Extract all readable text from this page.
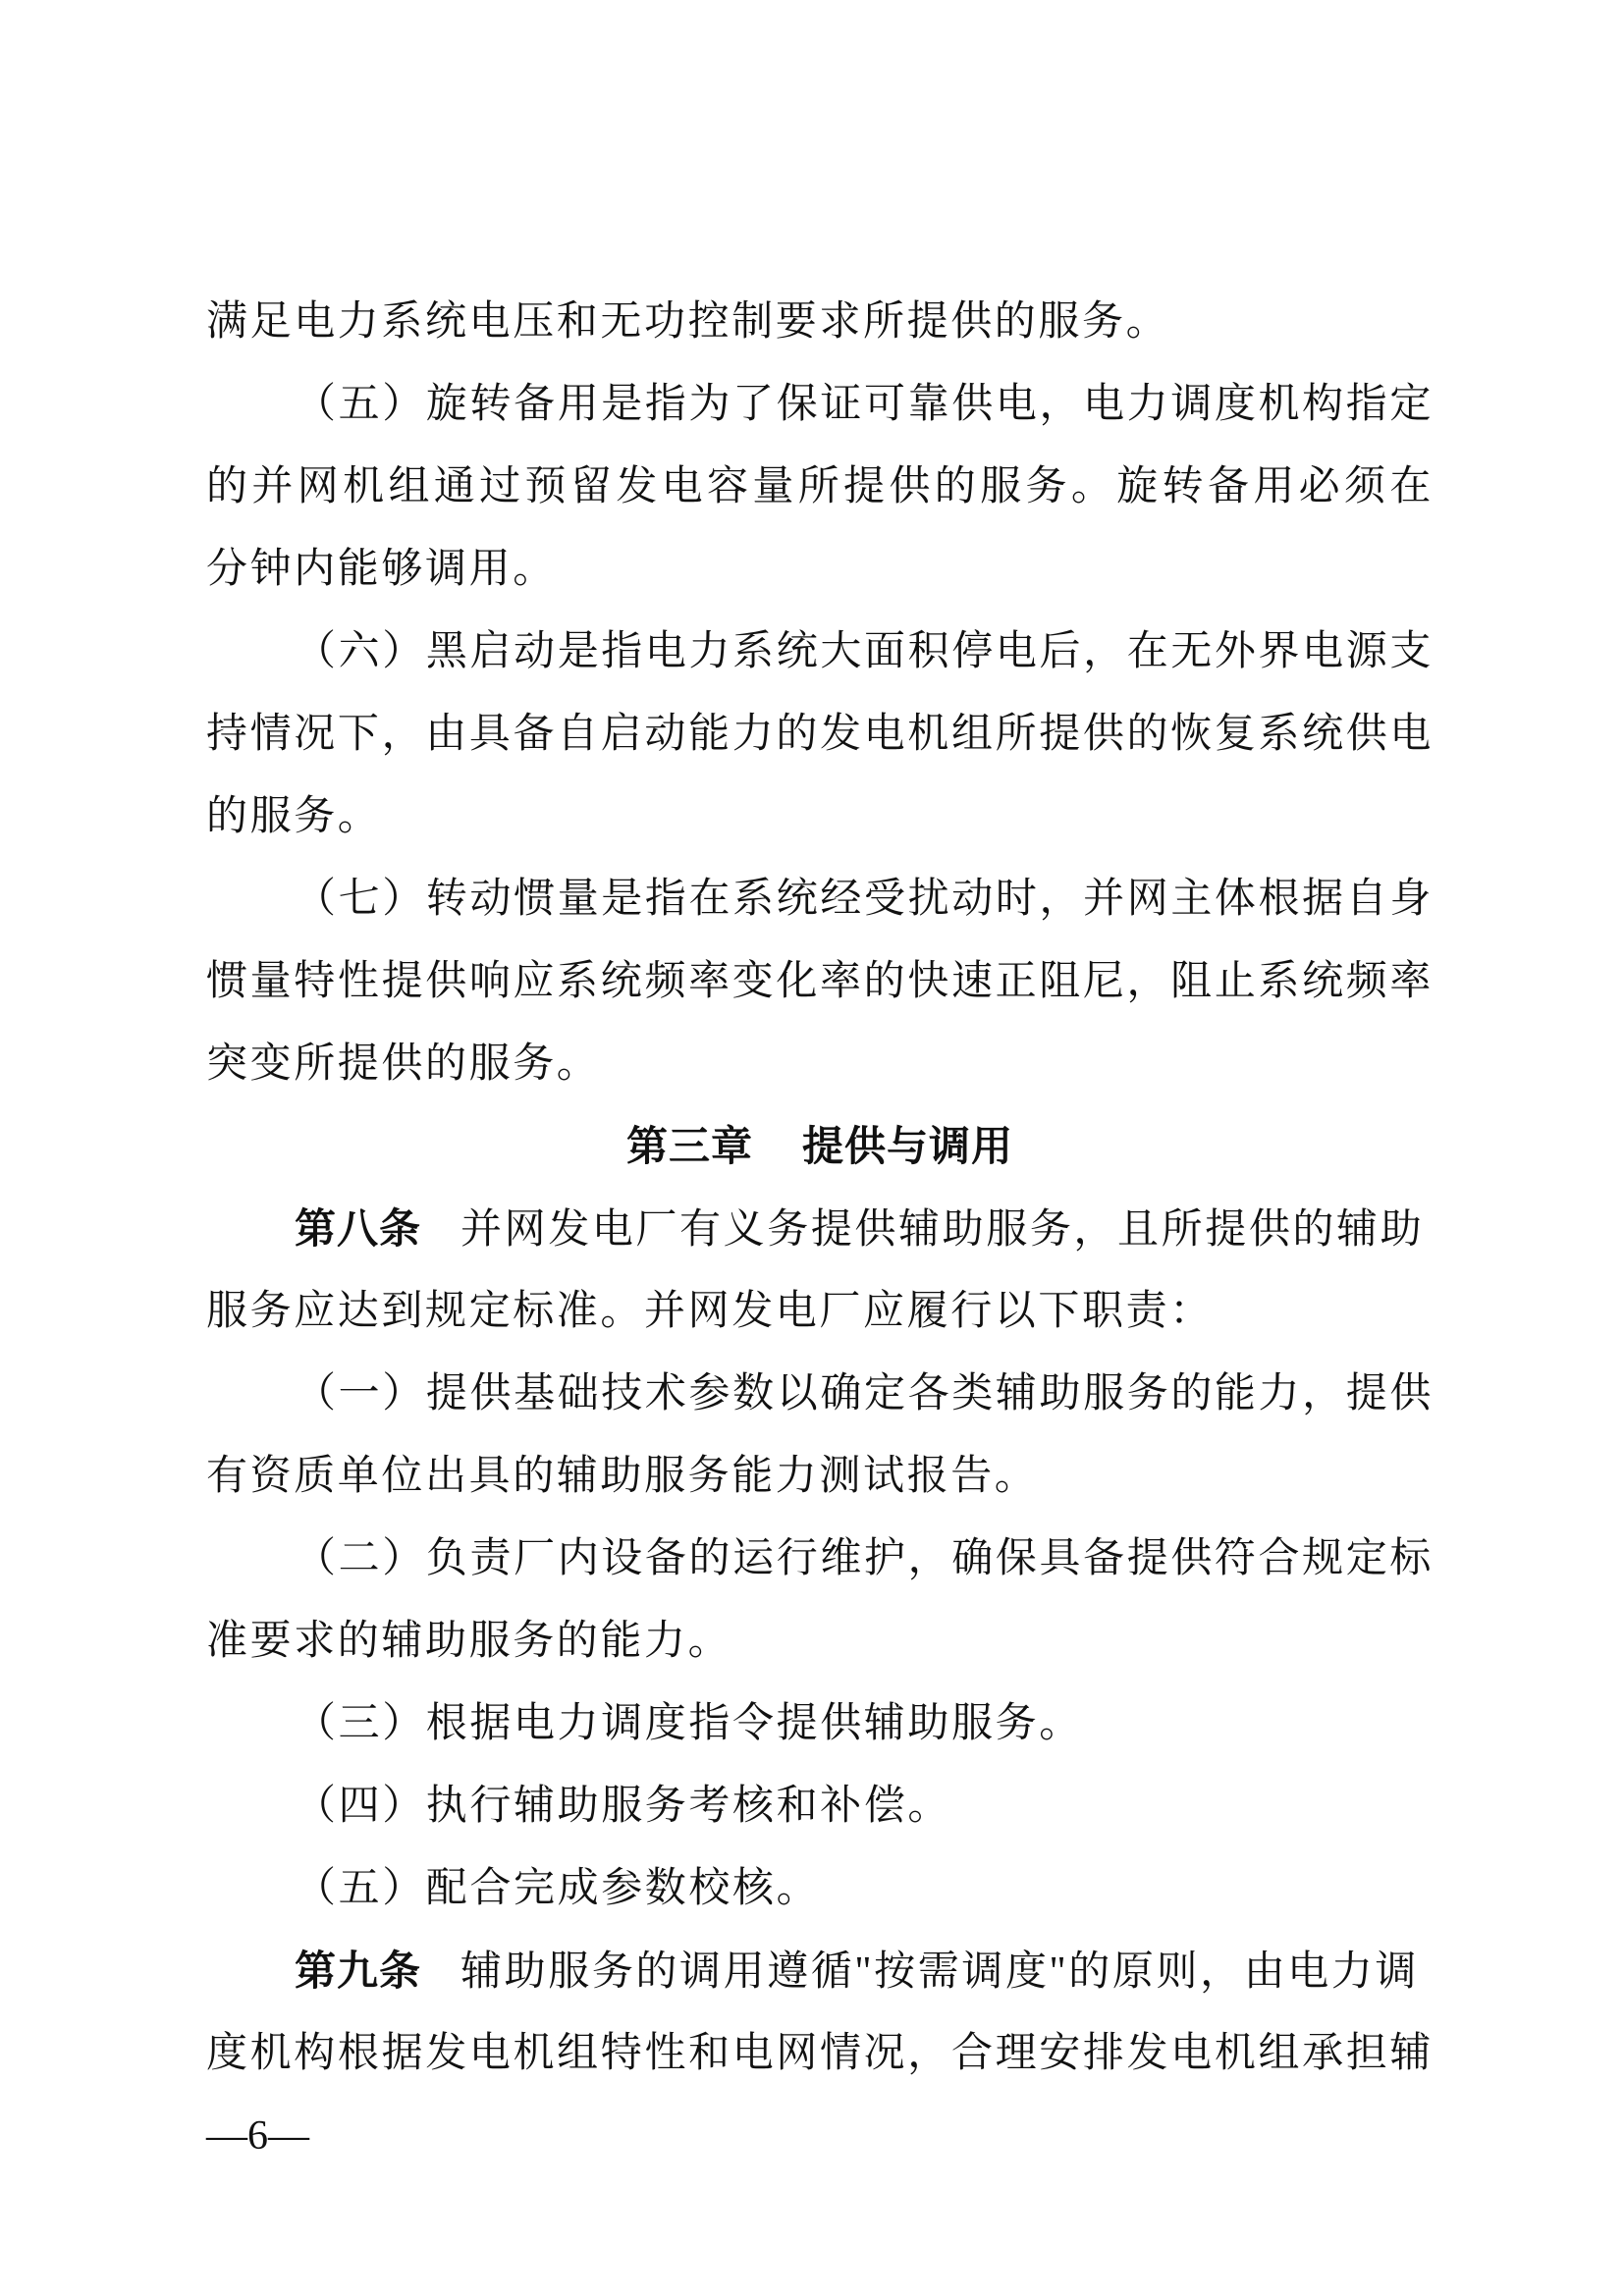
满足电力系统电压和无功控制要求所提供的服务。
（五）旋转备用是指为了保证可靠供电，电力调度机构指定
的并网机组通过预留发电容量所提供的服务。旋转备用必须在
分钟内能够调用。
（六）黑启动是指电力系统大面积停电后，在无外界电源支
持情况下，由具备自启动能力的发电机组所提供的恢复系统供电
的服务。
（七）转动惯量是指在系统经受扰动时，并网主体根据自身
惯量特性提供响应系统频率变化率的快速正阻尼，阻止系统频率
突变所提供的服务。
第三章 提供与调用
第八条 并网发电厂有义务提供辅助服务，且所提供的辅助
服务应达到规定标准。并网发电厂应履行以下职责：
（一）提供基础技术参数以确定各类辅助服务的能力，提供
有资质单位出具的辅助服务能力测试报告。
（二）负责厂内设备的运行维护，确保具备提供符合规定标
准要求的辅助服务的能力。
（三）根据电力调度指令提供辅助服务。
（四）执行辅助服务考核和补偿。
（五）配合完成参数校核。
第九条 辅助服务的调用遵循"按需调度"的原则，由电力调
度机构根据发电机组特性和电网情况，合理安排发电机组承担辅
—6—
